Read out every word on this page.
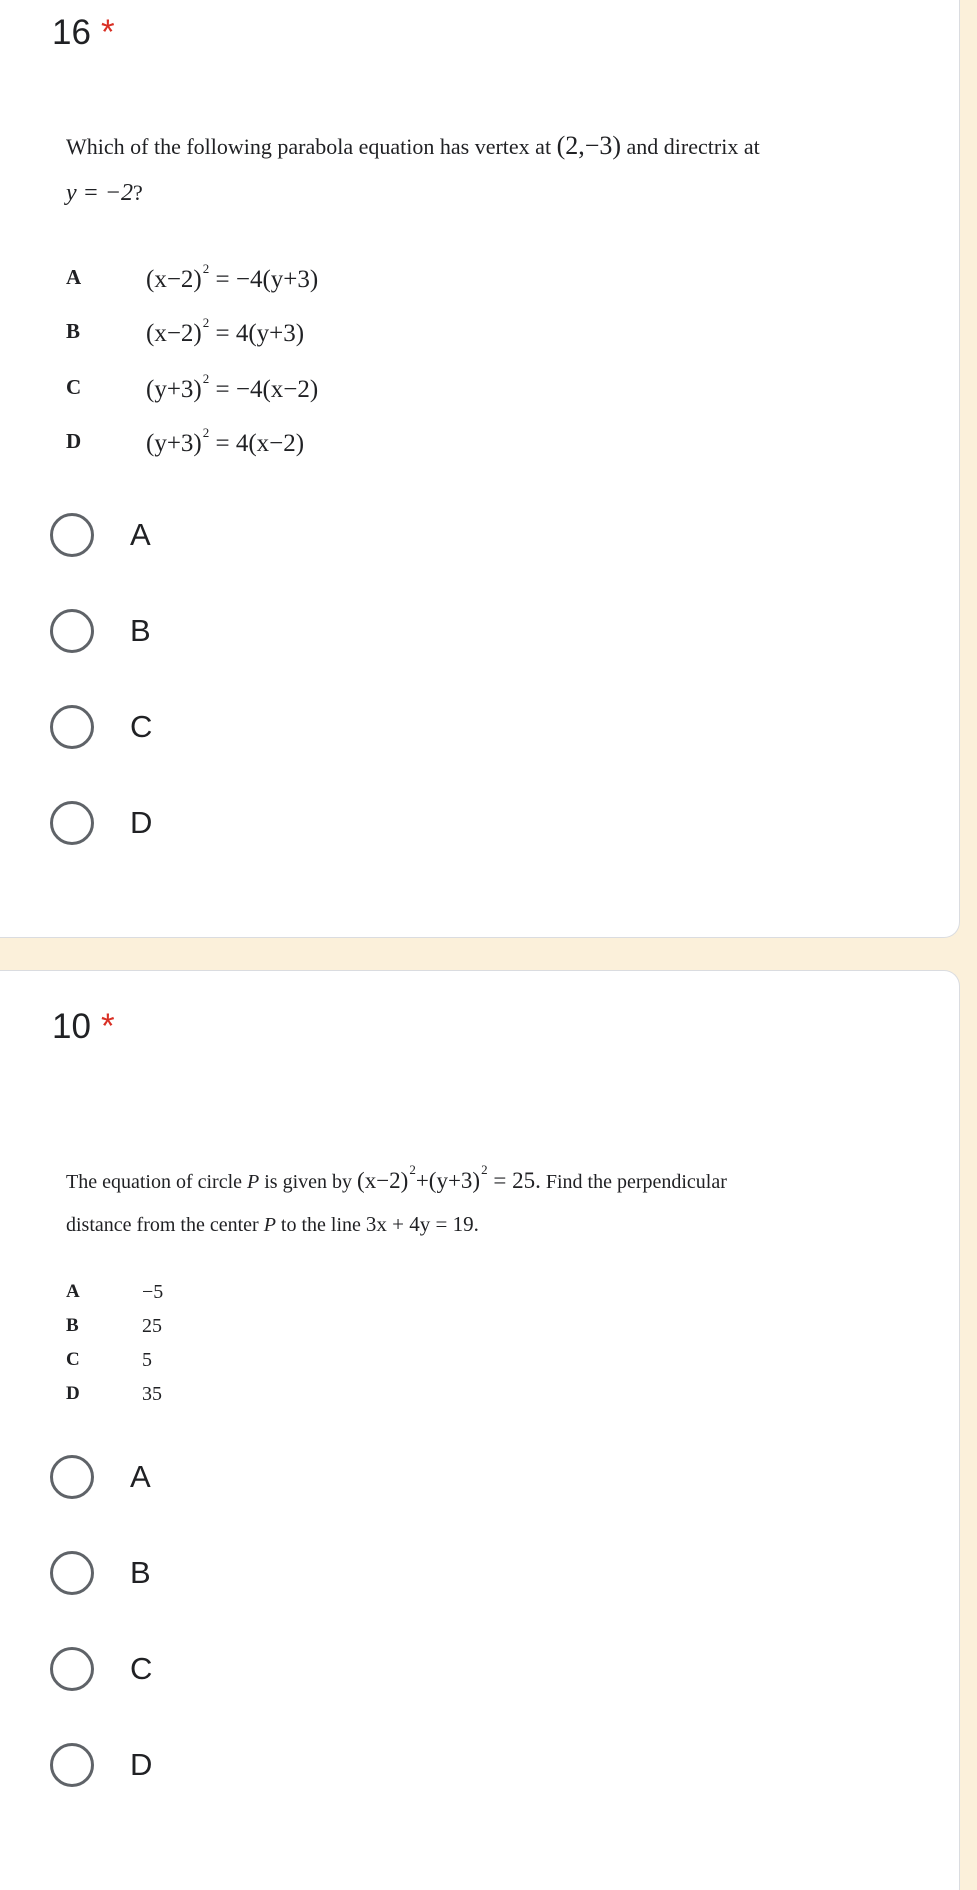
16 *
Which of the following parabola equation has vertex at (2,−3) and directrix at
y = −2?
A	$(x-2)^2 = -4(y+3)$
B	$(x-2)^2 = 4(y+3)$
C	$(y+3)^2 = -4(x-2)$
D	$(y+3)^2 = 4(x-2)$
A
B
C
D
10 *
The equation of circle P is given by $(x-2)^2+(y+3)^2 = 25$. Find the perpendicular
distance from the center P to the line 3x + 4y = 19.
A	−5
B	25
C	5
D	35
A
B
C
D
